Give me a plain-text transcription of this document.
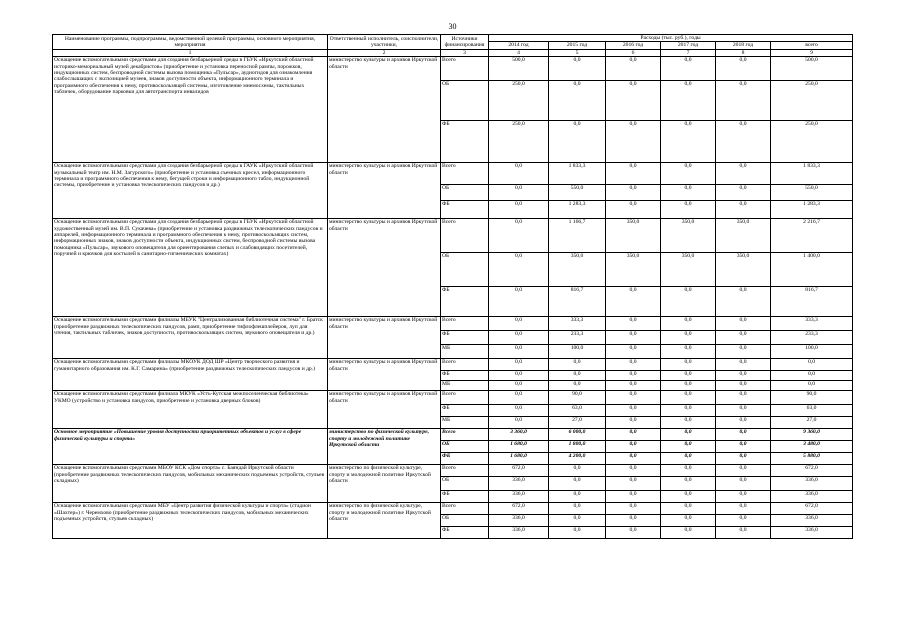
30
Наименование программы, подпрограммы, ведомственной целевой программы, основного мероприятия, мероприятия	Ответственный исполнитель, соисполнители, участники,	Источники финансирования	Расходы (тыс. руб.), годы					
			2014 год	2015 год	2016 год	2017 год	2018 год	всего
1	2	3	4	5	6	7	8	9
Оснащение вспомогательными средствами для создания безбарьерной среды в ГБУК «Иркутский областной историко-мемориальный музей декабристов» (приобретение и установка переносной рампы, порожков, индукционных систем, беспроводной системы вызова помощника «Пульсар», аудиогидов для ознакомления слабослышащих с экспозицией музеев, знаков доступности объекта, информационного терминала и программного обеспечения к нему, противоскользящей системы, изготовление мнемосхемы, тактильных табличек, оборудование парковки для автотранспорта инвалидов	министерство культуры и архивов Иркутской области	Всего	500,0	0,0	0,0	0,0	0,0	500,0
		ОБ	250,0	0,0	0,0	0,0	0,0	250,0
		ФБ	250,0	0,0	0,0	0,0	0,0	250,0
Оснащение вспомогательными средствами для создания безбарьерной среды в ГАУК «Иркутский областной музыкальный театр им. Н.М. Загурского» (приобретение и установка съемных кресел, информационного терминала и программного обеспечения к нему, бегущей строки и информационного табло, индукционной системы, приобретение и установка телескопических пандусов и др.)	министерство культуры и архивов Иркутской области	Всего	0,0	1 833,3	0,0	0,0	0,0	1 833,3
		ОБ	0,0	550,0	0,0	0,0	0,0	550,0
		ФБ	0,0	1 283,3	0,0	0,0	0,0	1 283,3
Оснащение вспомогательными средствами для создания безбарьерной среды в ГБУК «Иркутский областной художественный музей им. В.П. Сукачева» (приобретение и установка раздвижных телескопических пандусов и аппарелей, информационного терминала и программного обеспечения к нему, противоскользящих систем, информационных знаков, знаков доступности объекта, индукционных систем, беспроводной системы вызова помощника «Пульсар», звукового оповещателя для ориентирования слепых и слабовидящих посетителей, поручней и крючков для костылей в санитарно-гигиенических комнатах)	министерство культуры и архивов Иркутской области	Всего	0,0	1 166,7	350,0	350,0	350,0	2 216,7
		ОБ	0,0	350,0	350,0	350,0	350,0	1 400,0
		ФБ	0,0	816,7	0,0	0,0	0,0	816,7
Оснащение вспомогательными средствами филиалы МБУК "Централизованная библиотечная система" г. Братск (приобретение раздвижных телескопических пандусов, рамп, приобретение тифлофлешплейеров, луп для чтения, тактильных табличек, знаков доступности, противоскользящих систем, звукового оповещателя и др.)	министерство культуры и архивов Иркутской области	Всего	0,0	333,3	0,0	0,0	0,0	333,3
		ФБ	0,0	233,3	0,0	0,0	0,0	233,3
		МБ	0,0	100,0	0,0	0,0	0,0	100,0
Оснащение вспомогательными средствами филиалы МКОУК ДОД ШР «Центр творческого развития и гуманитарного образования им. К.Г. Самарина» (приобретение раздвижных телескопических пандусов и др.)	министерство культуры и архивов Иркутской области	Всего	0,0	0,0	0,0	0,0	0,0	0,0
		ФБ	0,0	0,0	0,0	0,0	0,0	0,0
		МБ	0,0	0,0	0,0	0,0	0,0	0,0
Оснащение вспомогательными средствами филиала МКУК «Усть-Кутская межпоселенческая библиотека» УКМО (устройство и установка пандусов, приобретение и установка дверных блоков)	министерство культуры и архивов Иркутской области	Всего	0,0	90,0	0,0	0,0	0,0	90,0
		ФБ	0,0	63,0	0,0	0,0	0,0	63,0
		МБ	0,0	27,0	0,0	0,0	0,0	27,0
Основное мероприятие «Повышение уровня доступности приоритетных объектов и услуг в сфере физической культуры и спорта»	министерство по физической культуре, спорту и молодежной политике Иркутской области	Всего	3 360,0	6 000,0	0,0	0,0	0,0	9 360,0
		ОБ	1 680,0	1 800,0	0,0	0,0	0,0	3 480,0
		ФБ	1 680,0	4 200,0	0,0	0,0	0,0	5 880,0
Оснащение вспомогательными средствами МБОУ КСК «Дом спорта» с. Баяндай Иркутской области (приобретение раздвижных телескопических пандусов, мобильных механических подъемных устройств, стульев складных)	министерство по физической культуре, спорту и молодежной политике Иркутской области	Всего	672,0	0,0	0,0	0,0	0,0	672,0
		ОБ	336,0	0,0	0,0	0,0	0,0	336,0
		ФБ	336,0	0,0	0,0	0,0	0,0	336,0
Оснащение вспомогательными средствами МБУ «Центр развития физической культуры и спорта» (стадион «Шахтер») г. Черемхово (приобретение раздвижных телескопических пандусов, мобильных механических подъемных устройств, стульев складных)	министерство по физической культуре, спорту и молодежной политике Иркутской области	Всего	672,0	0,0	0,0	0,0	0,0	672,0
		ОБ	336,0	0,0	0,0	0,0	0,0	336,0
		ФБ	336,0	0,0	0,0	0,0	0,0	336,0
